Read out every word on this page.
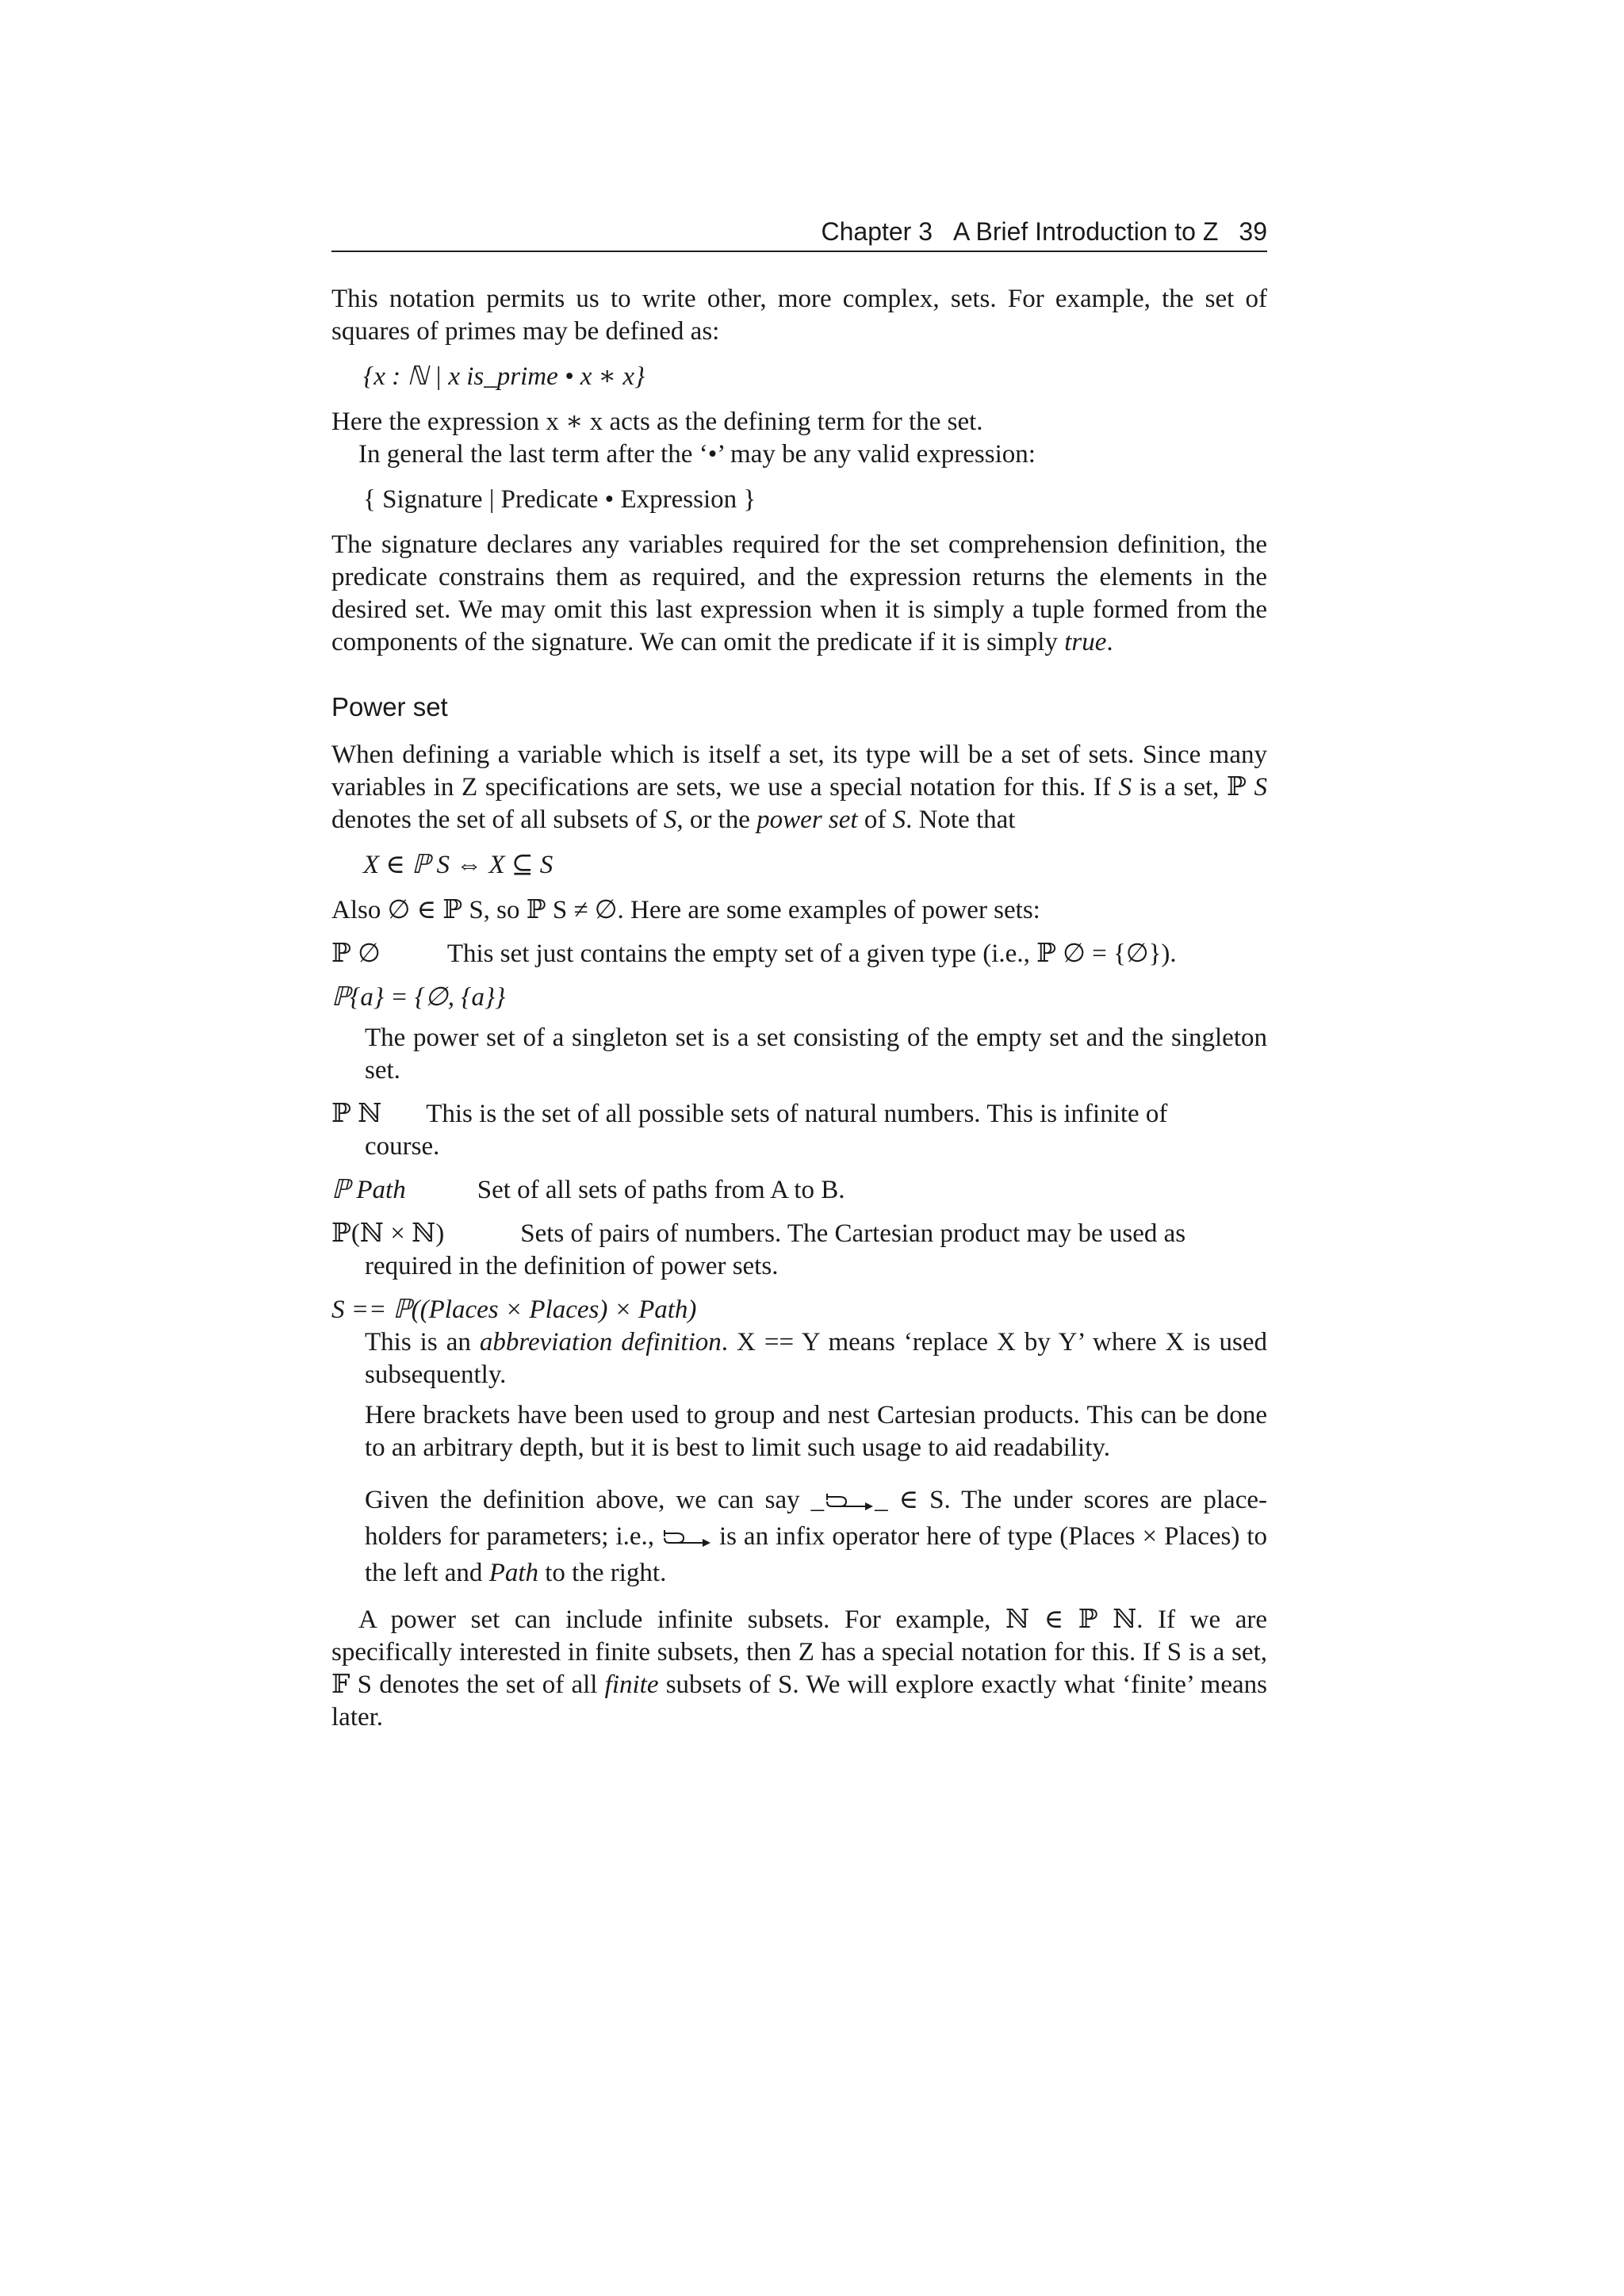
Chapter 3 A Brief Introduction to Z 39

This notation permits us to write other, more complex, sets. For example, the set of squares of primes may be defined as:

{x : ℕ | x is_prime • x ∗ x}

Here the expression x ∗ x acts as the defining term for the set.

In general the last term after the ‘•’ may be any valid expression:

{ Signature | Predicate • Expression }

The signature declares any variables required for the set comprehension definition, the predicate constrains them as required, and the expression returns the elements in the desired set. We may omit this last expression when it is simply a tuple formed from the components of the signature. We can omit the predicate if it is simply true.

Power set

When defining a variable which is itself a set, its type will be a set of sets. Since many variables in Z specifications are sets, we use a special notation for this. If S is a set, ℙ S denotes the set of all subsets of S, or the power set of S. Note that

X ∈ ℙ S ⇔ X ⊆ S

Also ∅ ∈ ℙ S, so ℙ S ≠ ∅. Here are some examples of power sets:

ℙ ∅	This set just contains the empty set of a given type (i.e., ℙ ∅ = {∅}).
ℙ{a} = {∅, {a}}
The power set of a singleton set is a set consisting of the empty set and the singleton set.

ℙ ℕ This is the set of all possible sets of natural numbers. This is infinite of

course.
ℙ Path	Set of all sets of paths from A to B.

ℙ(ℕ × ℕ)	Sets of pairs of numbers. The Cartesian product may be used as

required in the definition of power sets.
S == ℙ((Places × Places) × Path)
This is an abbreviation definition. X == Y means ‘replace X by Y’ where X is used subsequently.
Here brackets have been used to group and nest Cartesian products. This can be done to an arbitrary depth, but it is best to limit such usage to aid readability.
Given the definition above, we can say _ _ ∈ S. The under scores are place-holders for parameters; i.e.,  is an infix operator here of type (Places × Places) to the left and Path to the right.

A power set can include infinite subsets. For example, ℕ ∈ ℙ ℕ. If we are specifically interested in finite subsets, then Z has a special notation for this. If S is a set, 𝔽 S denotes the set of all finite subsets of S. We will explore exactly what ‘finite’ means later.
